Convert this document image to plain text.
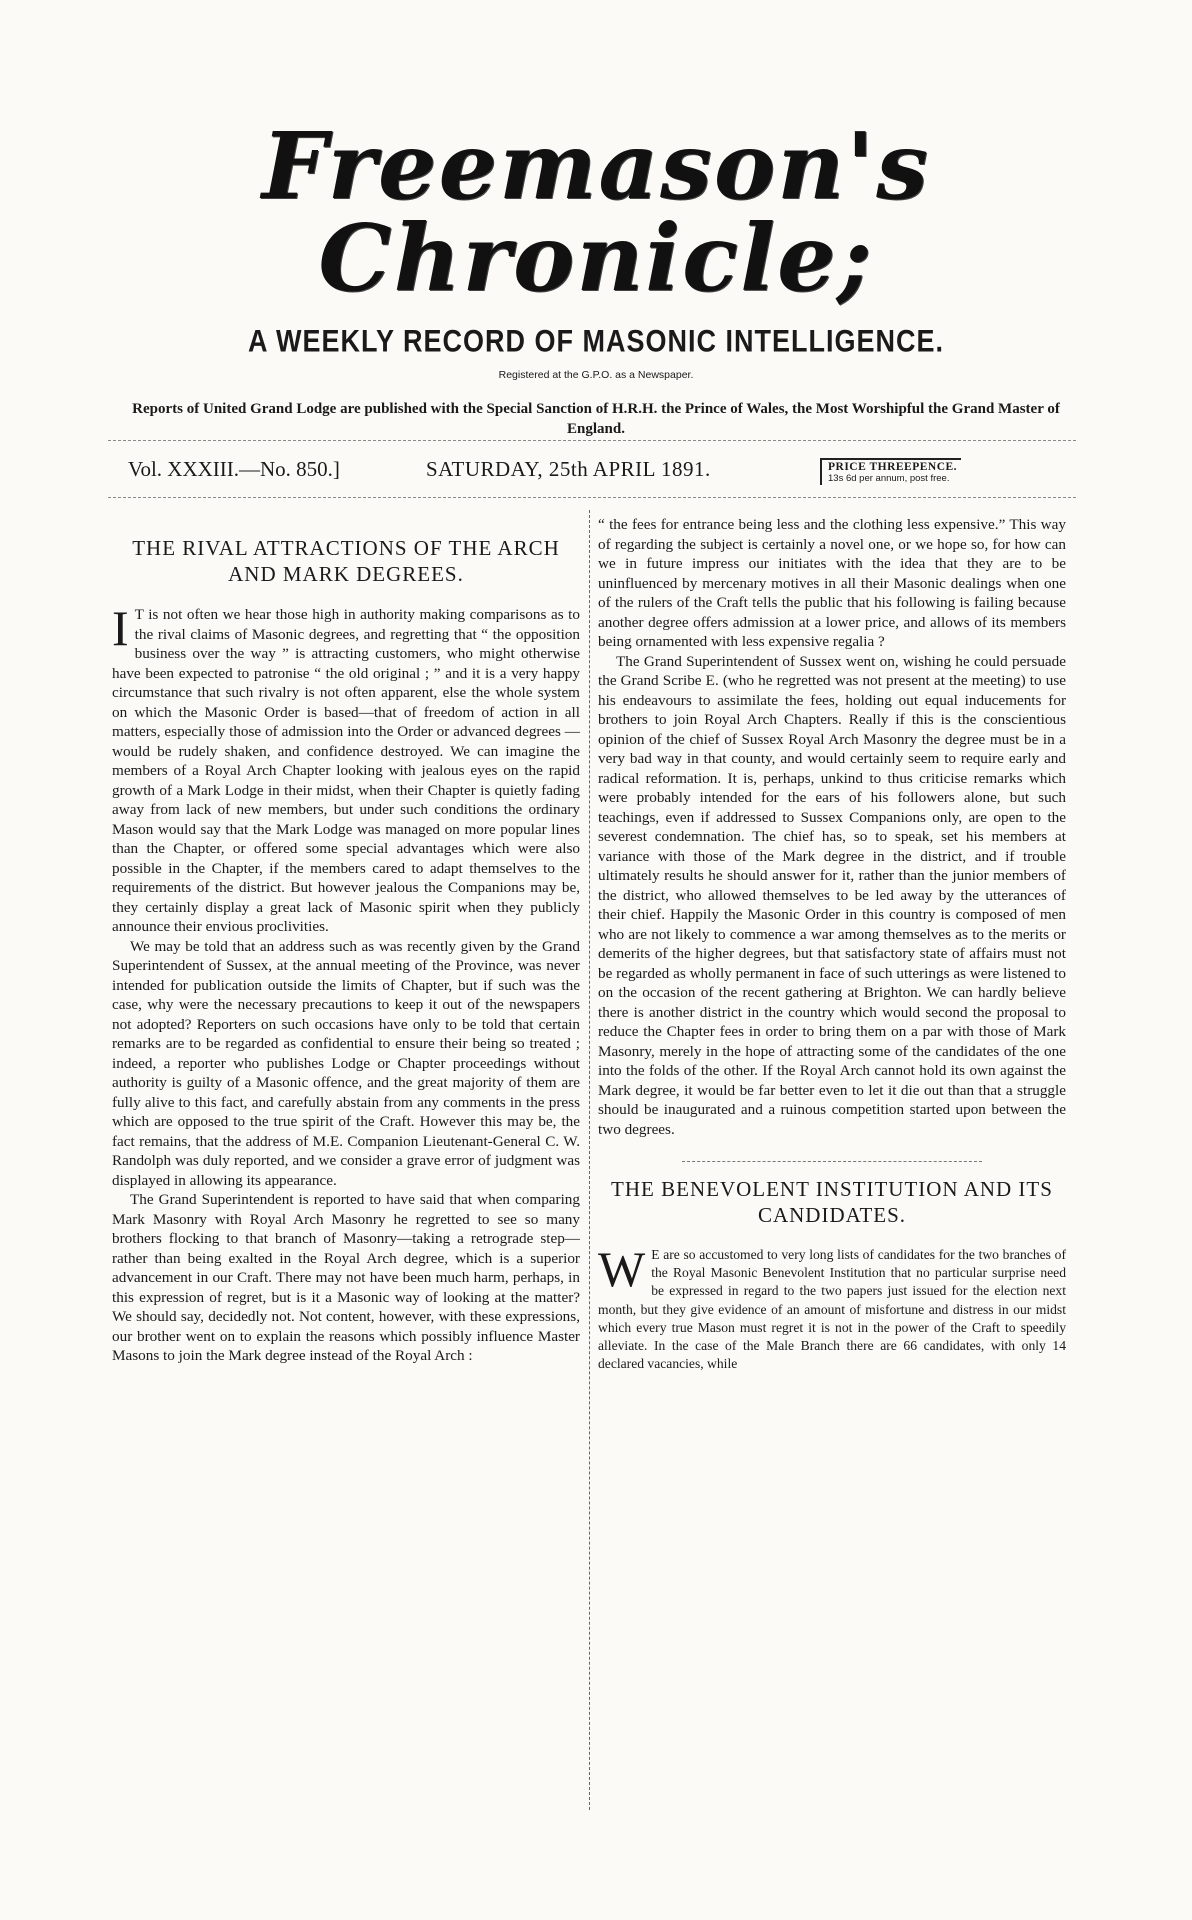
Freemason's Chronicle;
A WEEKLY RECORD OF MASONIC INTELLIGENCE.
Registered at the G.P.O. as a Newspaper.
Reports of United Grand Lodge are published with the Special Sanction of H.R.H. the Prince of Wales, the Most Worshipful the Grand Master of England.
Vol. XXXIII.—No. 850.]	SATURDAY, 25th APRIL 1891.	PRICE THREEPENCE.
13s 6d per annum, post free.
THE RIVAL ATTRACTIONS OF THE ARCH AND MARK DEGREES.

I T is not often we hear those high in authority making comparisons as to the rival claims of Masonic degrees, and regretting that “ the opposition business over the way ” is attracting customers, who might otherwise have been expected to patronise “ the old original ; ” and it is a very happy circumstance that such rivalry is not often apparent, else the whole system on which the Masonic Order is based—that of freedom of action in all matters, especially those of admission into the Order or advanced degrees — would be rudely shaken, and confidence destroyed. We can imagine the members of a Royal Arch Chapter looking with jealous eyes on the rapid growth of a Mark Lodge in their midst, when their Chapter is quietly fading away from lack of new members, but under such conditions the ordinary Mason would say that the Mark Lodge was managed on more popular lines than the Chapter, or offered some special advantages which were also possible in the Chapter, if the members cared to adapt themselves to the requirements of the district. But however jealous the Companions may be, they certainly display a great lack of Masonic spirit when they publicly announce their envious proclivities.

We may be told that an address such as was recently given by the Grand Superintendent of Sussex, at the annual meeting of the Province, was never intended for publication outside the limits of Chapter, but if such was the case, why were the necessary precautions to keep it out of the newspapers not adopted? Reporters on such occasions have only to be told that certain remarks are to be regarded as confidential to ensure their being so treated ; indeed, a reporter who publishes Lodge or Chapter proceedings without authority is guilty of a Masonic offence, and the great majority of them are fully alive to this fact, and carefully abstain from any comments in the press which are opposed to the true spirit of the Craft. However this may be, the fact remains, that the address of M.E. Companion Lieutenant-General C. W. Randolph was duly reported, and we consider a grave error of judgment was displayed in allowing its appearance.

The Grand Superintendent is reported to have said that when comparing Mark Masonry with Royal Arch Masonry he regretted to see so many brothers flocking to that branch of Masonry—taking a retrograde step—rather than being exalted in the Royal Arch degree, which is a superior advancement in our Craft. There may not have been much harm, perhaps, in this expression of regret, but is it a Masonic way of looking at the matter? We should say, decidedly not. Not content, however, with these expressions, our brother went on to explain the reasons which possibly influence Master Masons to join the Mark degree instead of the Royal Arch :

“ the fees for entrance being less and the clothing less expensive.” This way of regarding the subject is certainly a novel one, or we hope so, for how can we in future impress our initiates with the idea that they are to be uninfluenced by mercenary motives in all their Masonic dealings when one of the rulers of the Craft tells the public that his following is failing because another degree offers admission at a lower price, and allows of its members being ornamented with less expensive regalia ?

The Grand Superintendent of Sussex went on, wishing he could persuade the Grand Scribe E. (who he regretted was not present at the meeting) to use his endeavours to assimilate the fees, holding out equal inducements for brothers to join Royal Arch Chapters. Really if this is the conscientious opinion of the chief of Sussex Royal Arch Masonry the degree must be in a very bad way in that county, and would certainly seem to require early and radical reformation. It is, perhaps, unkind to thus criticise remarks which were probably intended for the ears of his followers alone, but such teachings, even if addressed to Sussex Companions only, are open to the severest condemnation. The chief has, so to speak, set his members at variance with those of the Mark degree in the district, and if trouble ultimately results he should answer for it, rather than the junior members of the district, who allowed themselves to be led away by the utterances of their chief. Happily the Masonic Order in this country is composed of men who are not likely to commence a war among themselves as to the merits or demerits of the higher degrees, but that satisfactory state of affairs must not be regarded as wholly permanent in face of such utterings as were listened to on the occasion of the recent gathering at Brighton. We can hardly believe there is another district in the country which would second the proposal to reduce the Chapter fees in order to bring them on a par with those of Mark Masonry, merely in the hope of attracting some of the candidates of the one into the folds of the other. If the Royal Arch cannot hold its own against the Mark degree, it would be far better even to let it die out than that a struggle should be inaugurated and a ruinous competition started upon between the two degrees.

THE BENEVOLENT INSTITUTION AND ITS CANDIDATES.

W E are so accustomed to very long lists of candidates for the two branches of the Royal Masonic Benevolent Institution that no particular surprise need be expressed in regard to the two papers just issued for the election next month, but they give evidence of an amount of misfortune and distress in our midst which every true Mason must regret it is not in the power of the Craft to speedily alleviate. In the case of the Male Branch there are 66 candidates, with only 14 declared vacancies, while
